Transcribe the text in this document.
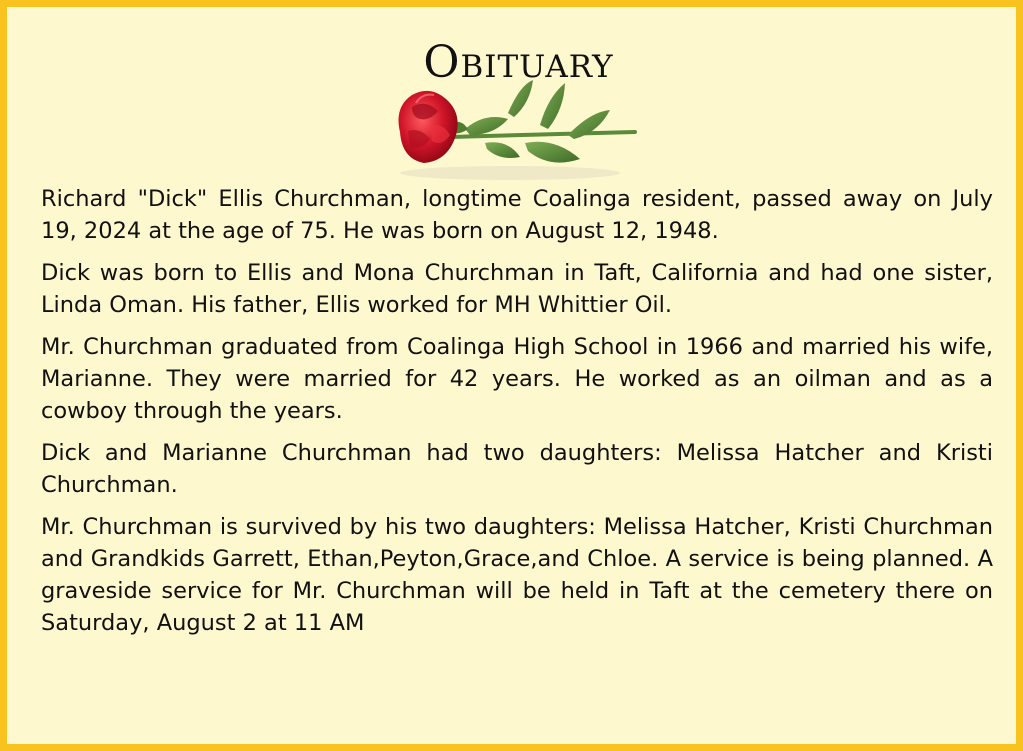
Obituary

Richard "Dick" Ellis Churchman, longtime Coalinga resident, passed away on July 19, 2024 at the age of 75. He was born on August 12, 1948.

Dick was born to Ellis and Mona Churchman in Taft, California and had one sister, Linda Oman. His father, Ellis worked for MH Whittier Oil.

Mr. Churchman graduated from Coalinga High School in 1966 and married his wife, Marianne. They were married for 42 years. He worked as an oilman and as a cowboy through the years.

Dick and Marianne Churchman had two daughters: Melissa Hatcher and Kristi Churchman.

Mr. Churchman is survived by his two daughters: Melissa Hatcher, Kristi Churchman and Grandkids Garrett, Ethan,Peyton,Grace,and Chloe. A service is being planned. A graveside service for Mr. Churchman will be held in Taft at the cemetery there on Saturday, August 2 at 11 AM
